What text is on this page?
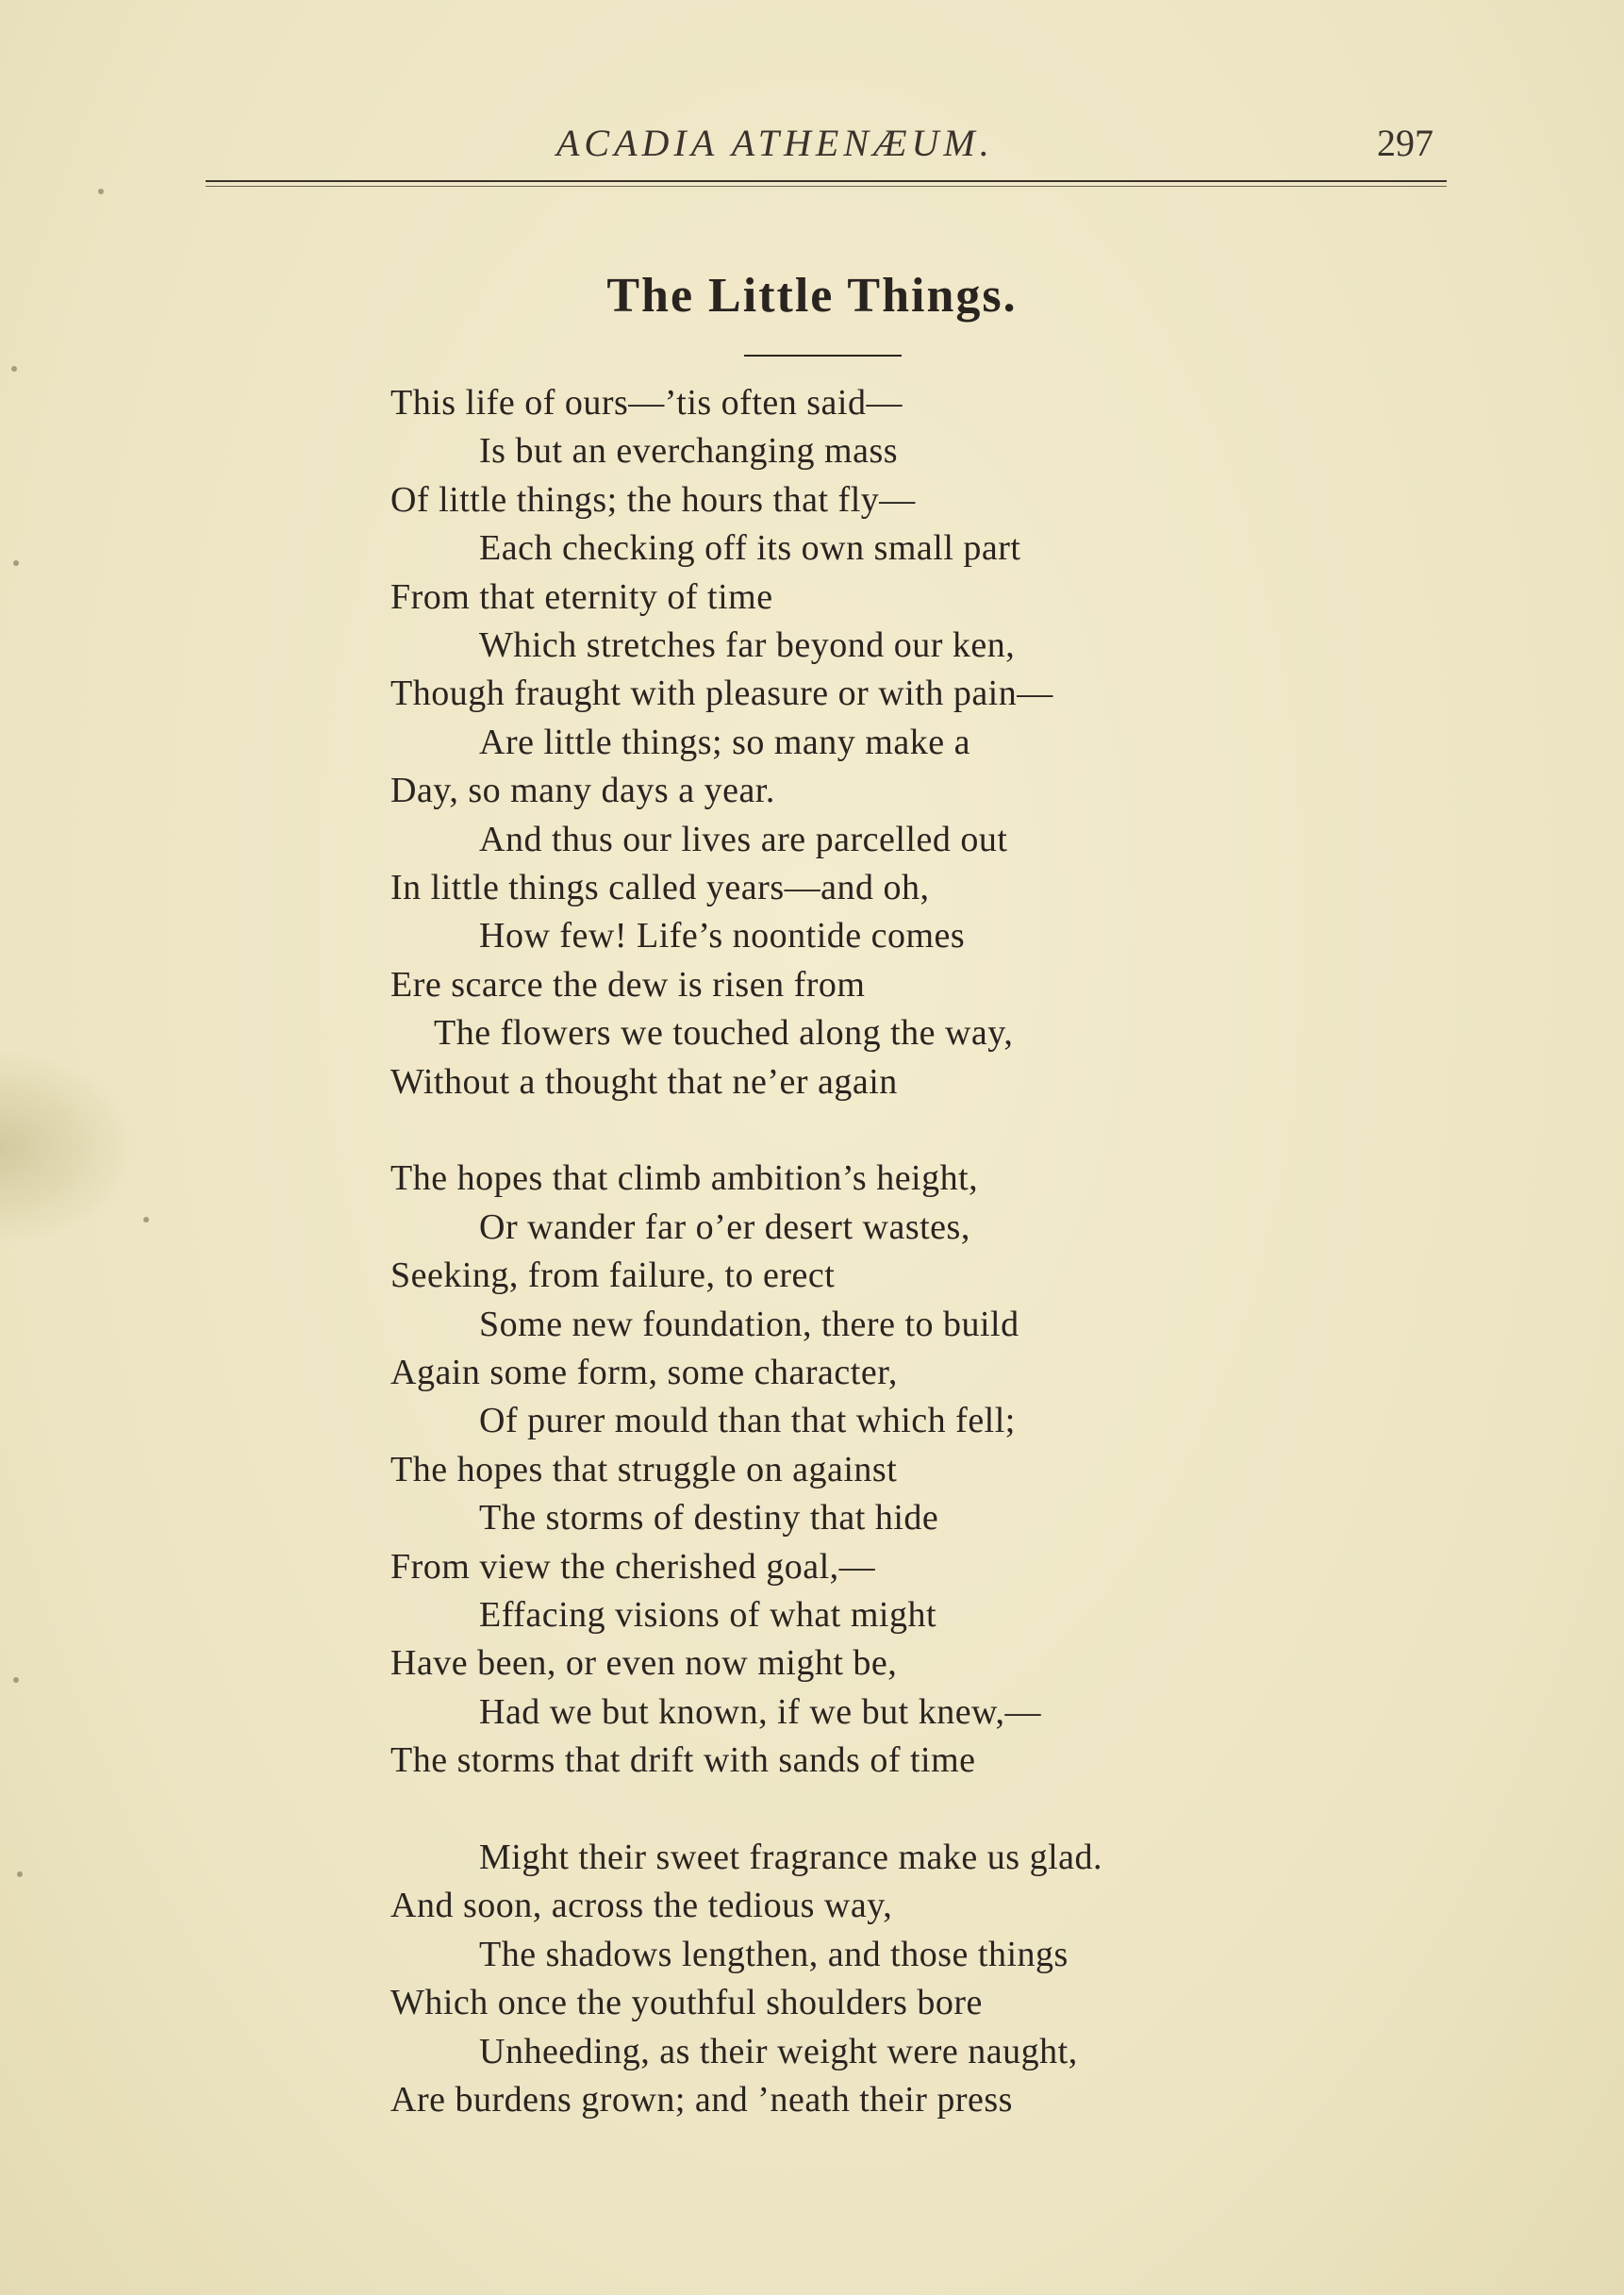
ACADIA ATHENÆUM.	297
The Little Things.
This life of ours—’tis often said—
Is but an everchanging mass
Of little things; the hours that fly—
Each checking off its own small part
From that eternity of time
Which stretches far beyond our ken,
Though fraught with pleasure or with pain—
Are little things; so many make a
Day, so many days a year.
And thus our lives are parcelled out
In little things called years—and oh,
How few! Life’s noontide comes
Ere scarce the dew is risen from
The flowers we touched along the way,
Without a thought that ne’er again
The hopes that climb ambition’s height,
Or wander far o’er desert wastes,
Seeking, from failure, to erect
Some new foundation, there to build
Again some form, some character,
Of purer mould than that which fell;
The hopes that struggle on against
The storms of destiny that hide
From view the cherished goal,—
Effacing visions of what might
Have been, or even now might be,
Had we but known, if we but knew,—
The storms that drift with sands of time
Might their sweet fragrance make us glad.
And soon, across the tedious way,
The shadows lengthen, and those things
Which once the youthful shoulders bore
Unheeding, as their weight were naught,
Are burdens grown; and ’neath their press
